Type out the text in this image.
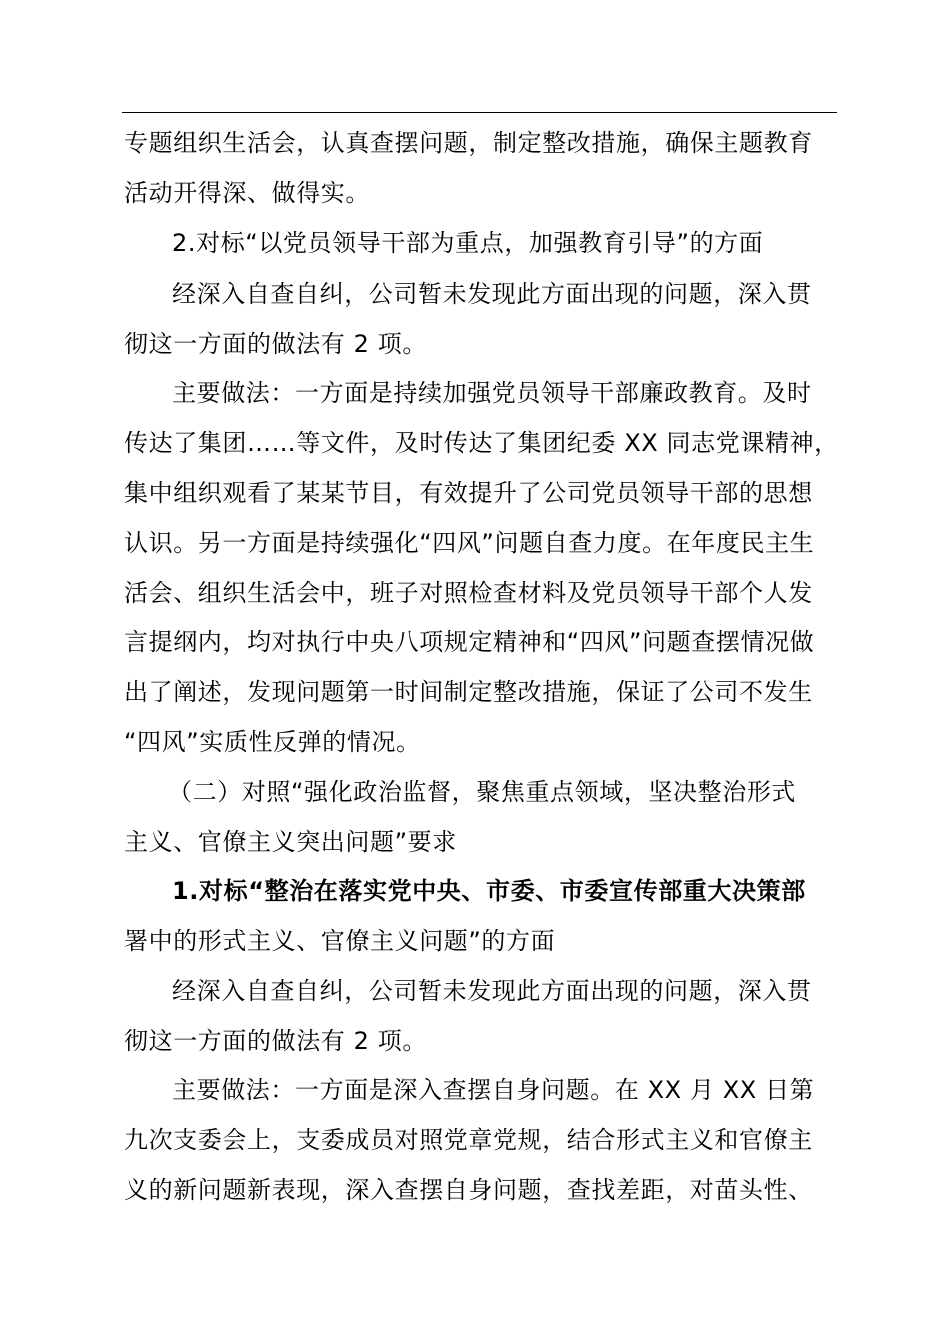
专题组织生活会，认真查摆问题，制定整改措施，确保主题教育
活动开得深、做得实。
2.对标“以党员领导干部为重点，加强教育引导”的方面
经深入自查自纠，公司暂未发现此方面出现的问题，深入贯
彻这一方面的做法有 2 项。
主要做法：一方面是持续加强党员领导干部廉政教育。及时
传达了集团……等文件，及时传达了集团纪委 XX 同志党课精神，
集中组织观看了某某节目，有效提升了公司党员领导干部的思想
认识。另一方面是持续强化“四风”问题自查力度。在年度民主生
活会、组织生活会中，班子对照检查材料及党员领导干部个人发
言提纲内，均对执行中央八项规定精神和“四风”问题查摆情况做
出了阐述，发现问题第一时间制定整改措施，保证了公司不发生
“四风”实质性反弹的情况。
（二）对照“强化政治监督，聚焦重点领域，坚决整治形式
主义、官僚主义突出问题”要求
1.对标“整治在落实党中央、市委、市委宣传部重大决策部
署中的形式主义、官僚主义问题”的方面
经深入自查自纠，公司暂未发现此方面出现的问题，深入贯
彻这一方面的做法有 2 项。
主要做法：一方面是深入查摆自身问题。在 XX 月 XX 日第
九次支委会上，支委成员对照党章党规，结合形式主义和官僚主
义的新问题新表现，深入查摆自身问题，查找差距，对苗头性、
